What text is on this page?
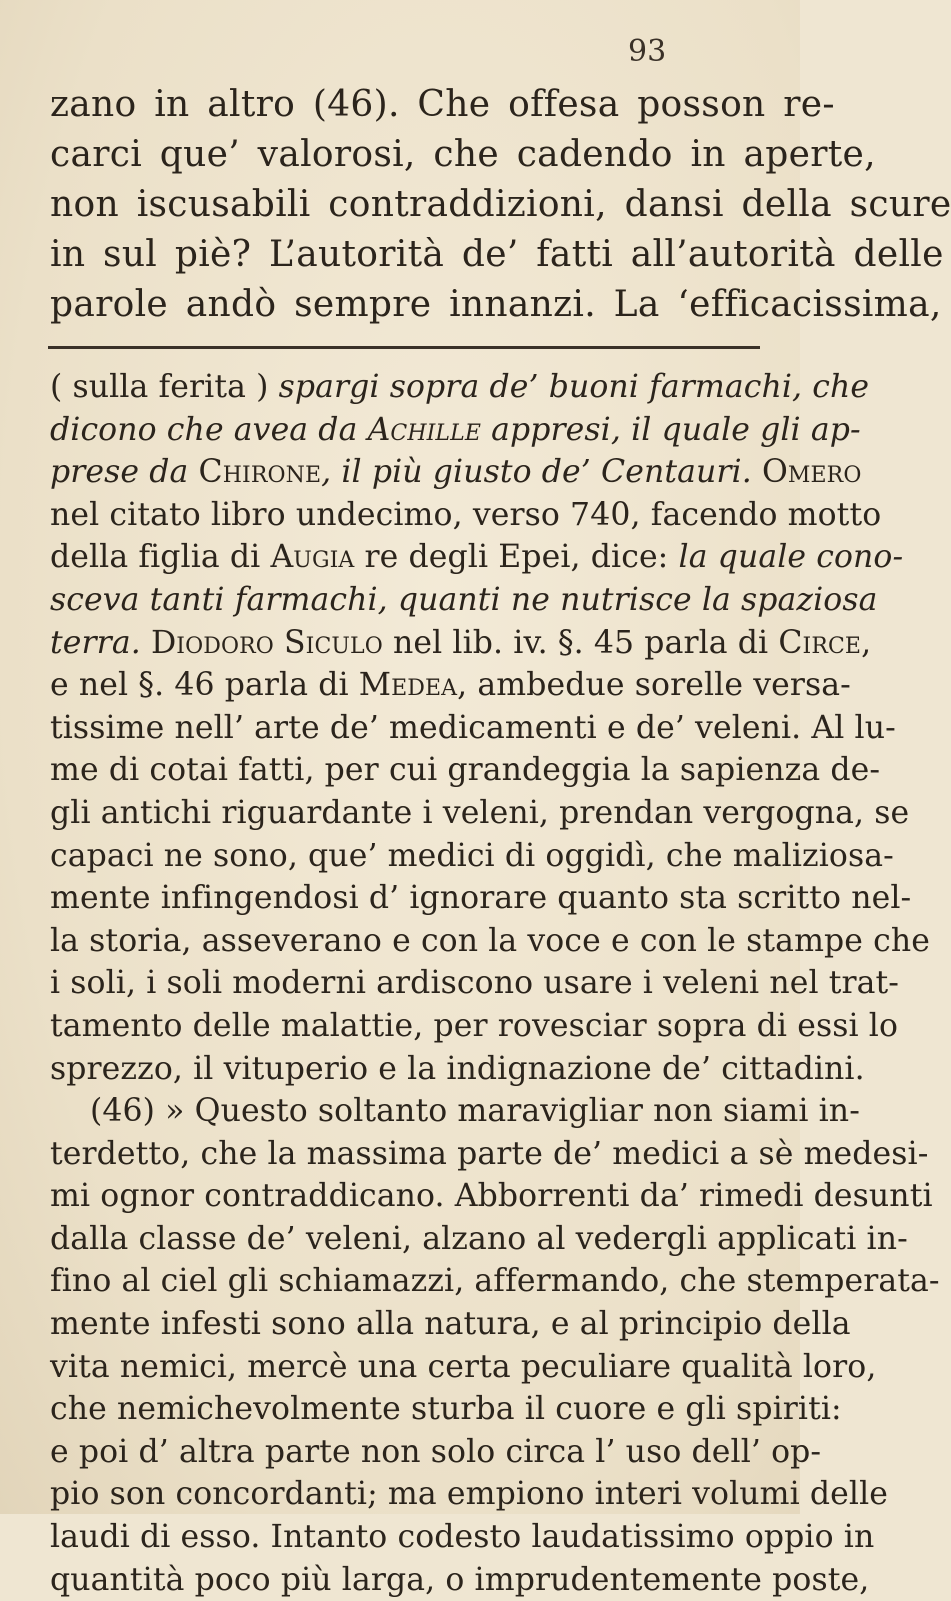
93
zano in altro (46). Che offesa posson re-
carci que’ valorosi, che cadendo in aperte,
non iscusabili contraddizioni, dansi della scure
in sul piè? L’autorità de’ fatti all’autorità delle
parole andò sempre innanzi. La ‘efficacissima,
( sulla ferita ) spargi sopra de’ buoni farmachi, che
dicono che avea da Achille appresi, il quale gli ap-
prese da Chirone, il più giusto de’ Centauri. Omero
nel citato libro undecimo, verso 740, facendo motto
della figlia di Augia re degli Epei, dice: la quale cono-
sceva tanti farmachi, quanti ne nutrisce la spaziosa
terra. Diodoro Siculo nel lib. iv. §. 45 parla di Circe,
e nel §. 46 parla di Medea, ambedue sorelle versa-
tissime nell’ arte de’ medicamenti e de’ veleni. Al lu-
me di cotai fatti, per cui grandeggia la sapienza de-
gli antichi riguardante i veleni, prendan vergogna, se
capaci ne sono, que’ medici di oggidì, che maliziosa-
mente infingendosi d’ ignorare quanto sta scritto nel-
la storia, asseverano e con la voce e con le stampe che
i soli, i soli moderni ardiscono usare i veleni nel trat-
tamento delle malattie, per rovesciar sopra di essi lo
sprezzo, il vituperio e la indignazione de’ cittadini.
(46) » Questo soltanto maravigliar non siami in-
terdetto, che la massima parte de’ medici a sè medesi-
mi ognor contraddicano. Abborrenti da’ rimedi desunti
dalla classe de’ veleni, alzano al vedergli applicati in-
fino al ciel gli schiamazzi, affermando, che stemperata-
mente infesti sono alla natura, e al principio della
vita nemici, mercè una certa peculiare qualità loro,
che nemichevolmente sturba il cuore e gli spiriti:
e poi d’ altra parte non solo circa l’ uso dell’ op-
pio son concordanti; ma empiono interi volumi delle
laudi di esso. Intanto codesto laudatissimo oppio in
quantità poco più larga, o imprudentemente poste,
